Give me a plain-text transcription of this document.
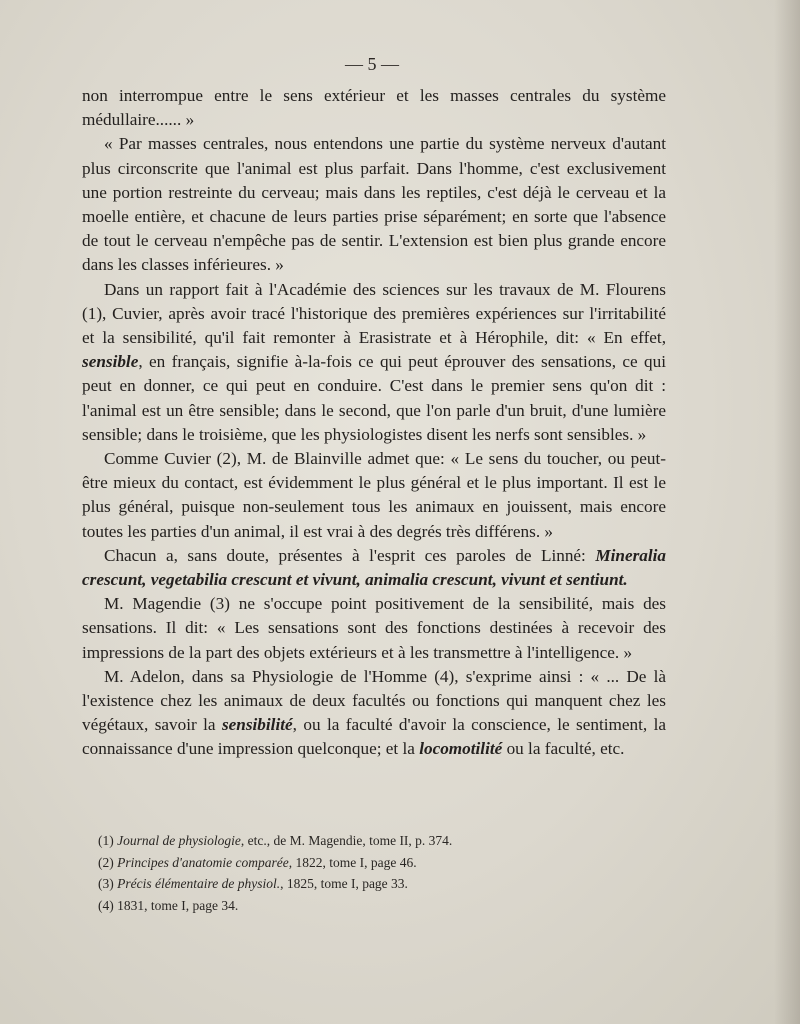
— 5 —

non interrompue entre le sens extérieur et les masses centrales du système médullaire...... »

« Par masses centrales, nous entendons une partie du système nerveux d'autant plus circonscrite que l'animal est plus parfait. Dans l'homme, c'est exclusivement une portion restreinte du cerveau; mais dans les reptiles, c'est déjà le cerveau et la moelle entière, et chacune de leurs parties prise séparément; en sorte que l'absence de tout le cerveau n'empêche pas de sentir. L'extension est bien plus grande encore dans les classes inférieures. »

Dans un rapport fait à l'Académie des sciences sur les travaux de M. Flourens (1), Cuvier, après avoir tracé l'historique des premières expériences sur l'irritabilité et la sensibilité, qu'il fait remonter à Erasistrate et à Hérophile, dit: « En effet, sensible, en français, signifie à-la-fois ce qui peut éprouver des sensations, ce qui peut en donner, ce qui peut en conduire. C'est dans le premier sens qu'on dit : l'animal est un être sensible; dans le second, que l'on parle d'un bruit, d'une lumière sensible; dans le troisième, que les physiologistes disent les nerfs sont sensibles. »

Comme Cuvier (2), M. de Blainville admet que: « Le sens du toucher, ou peut-être mieux du contact, est évidemment le plus général et le plus important. Il est le plus général, puisque non-seulement tous les animaux en jouissent, mais encore toutes les parties d'un animal, il est vrai à des degrés très différens. »

Chacun a, sans doute, présentes à l'esprit ces paroles de Linné: Mineralia crescunt, vegetabilia crescunt et vivunt, animalia crescunt, vivunt et sentiunt.

M. Magendie (3) ne s'occupe point positivement de la sensibilité, mais des sensations. Il dit: « Les sensations sont des fonctions destinées à recevoir des impressions de la part des objets extérieurs et à les transmettre à l'intelligence. »

M. Adelon, dans sa Physiologie de l'Homme (4), s'exprime ainsi : « ... De là l'existence chez les animaux de deux facultés ou fonctions qui manquent chez les végétaux, savoir la sensibilité, ou la faculté d'avoir la conscience, le sentiment, la connaissance d'une impression quelconque; et la locomotilité ou la faculté, etc.

(1) Journal de physiologie, etc., de M. Magendie, tome II, p. 374.
(2) Principes d'anatomie comparée, 1822, tome I, page 46.
(3) Précis élémentaire de physiol., 1825, tome I, page 33.
(4) 1831, tome I, page 34.
